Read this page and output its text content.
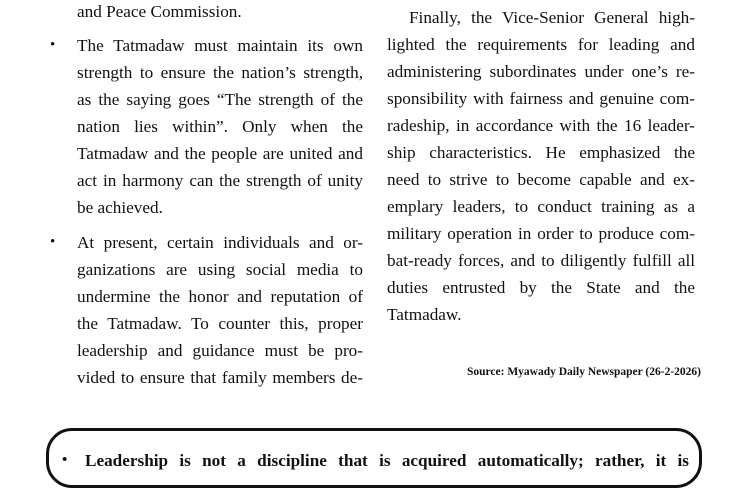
and Peace Commission.
•	The Tatmadaw must maintain its own
strength to ensure the nation’s strength,
as the saying goes “The strength of the
nation lies within”. Only when the
Tatmadaw and the people are united and
act in harmony can the strength of unity
be achieved.
•	At present, certain individuals and or-
ganizations are using social media to
undermine the honor and reputation of
the Tatmadaw. To counter this, proper
leadership and guidance must be pro-
vided to ensure that family members de-
Finally, the Vice-Senior General high-
lighted the requirements for leading and
administering subordinates under one’s re-
sponsibility with fairness and genuine com-
radeship, in accordance with the 16 leader-
ship characteristics. He emphasized the
need to strive to become capable and ex-
emplary leaders, to conduct training as a
military operation in order to produce com-
bat-ready forces, and to diligently fulfill all
duties entrusted by the State and the
Tatmadaw.
Source: Myawady Daily Newspaper (26-2-2026)
• Leadership is not a discipline that is acquired automatically; rather, it is
